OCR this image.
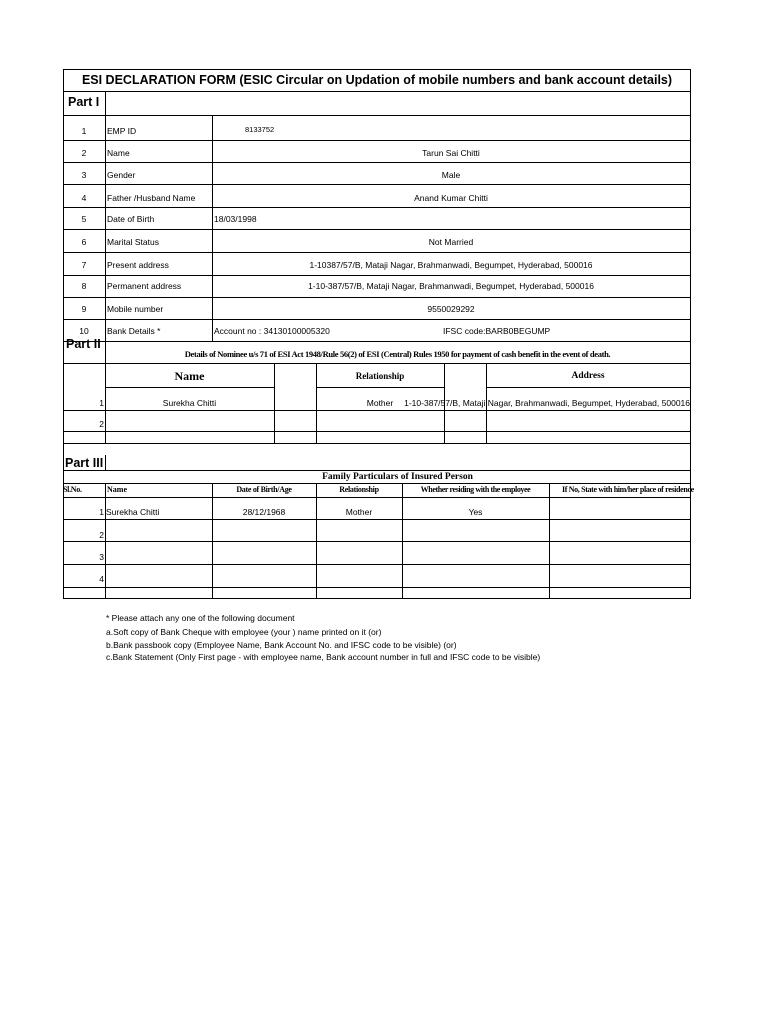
ESI DECLARATION FORM (ESIC Circular on Updation of mobile numbers and bank account details)
Part I
1	EMP ID	8133752
2	Name	Tarun Sai Chitti
3	Gender	Male
4	Father /Husband Name	Anand Kumar Chitti
5	Date of Birth	18/03/1998
6	Marital Status	Not Married
7	Present address	1-10387/57/B, Mataji Nagar, Brahmanwadi, Begumpet, Hyderabad, 500016
8	Permanent address	1-10-387/57/B, Mataji Nagar, Brahmanwadi, Begumpet, Hyderabad, 500016
9	Mobile number	9550029292
10	Bank Details *	Account no : 34130100005320	IFSC code:BARB0BEGUMP
Part II
Details of Nominee u/s 71 of ESI Act 1948/Rule 56(2) of ESI (Central) Rules 1950 for payment of cash benefit in the event of death.
Name	Relationship	Address
1	Surekha Chitti	Mother	1-10-387/57/B, Mataji Nagar, Brahmanwadi, Begumpet, Hyderabad, 500016
2
Part III
Family Particulars of Insured Person
Sl.No.	Name	Date of Birth/Age	Relationship	Whether residing with the employee	If No, State with him/her place of residence
1 Surekha Chitti	28/12/1968	Mother	Yes
2
3
4
* Please attach any one of the following document
a.Soft copy of Bank Cheque with employee (your ) name printed on it (or)
b.Bank passbook copy (Employee Name, Bank Account No. and IFSC code to be visible) (or)
c.Bank Statement (Only First page - with employee name, Bank account number in full and IFSC code to be visible)
